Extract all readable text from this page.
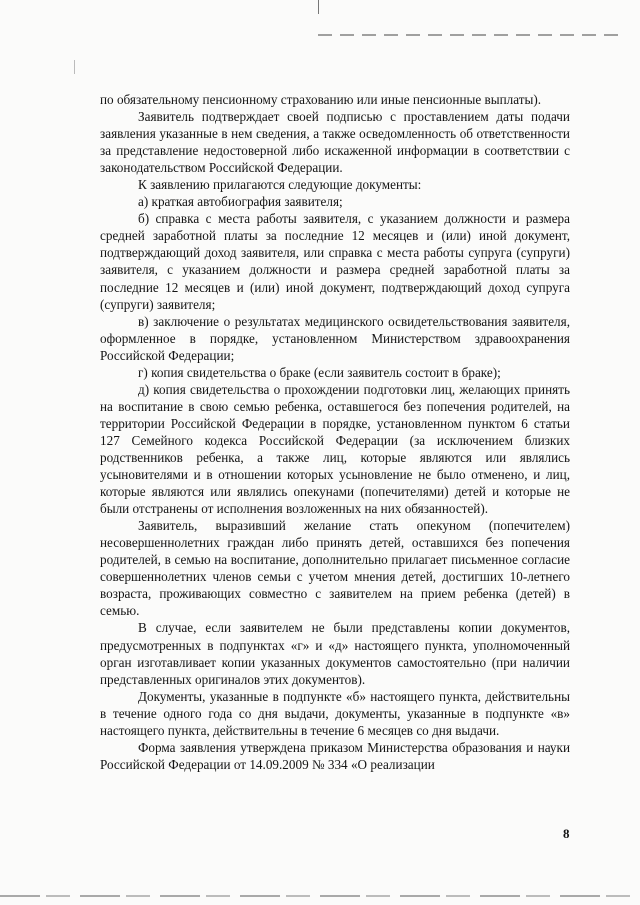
по обязательному пенсионному страхованию или иные пенсионные выплаты).

Заявитель подтверждает своей подписью с проставлением даты подачи заявления указанные в нем сведения, а также осведомленность об ответственности за представление недостоверной либо искаженной информации в соответствии с законодательством Российской Федерации.

К заявлению прилагаются следующие документы:

а) краткая автобиография заявителя;

б) справка с места работы заявителя, с указанием должности и размера средней заработной платы за последние 12 месяцев и (или) иной документ, подтверждающий доход заявителя, или справка с места работы супруга (супруги) заявителя, с указанием должности и размера средней заработной платы за последние 12 месяцев и (или) иной документ, подтверждающий доход супруга (супруги) заявителя;

в) заключение о результатах медицинского освидетельствования заявителя, оформленное в порядке, установленном Министерством здравоохранения Российской Федерации;

г) копия свидетельства о браке (если заявитель состоит в браке);

д) копия свидетельства о прохождении подготовки лиц, желающих принять на воспитание в свою семью ребенка, оставшегося без попечения родителей, на территории Российской Федерации в порядке, установленном пунктом 6 статьи 127 Семейного кодекса Российской Федерации (за исключением близких родственников ребенка, а также лиц, которые являются или являлись усыновителями и в отношении которых усыновление не было отменено, и лиц, которые являются или являлись опекунами (попечителями) детей и которые не были отстранены от исполнения возложенных на них обязанностей).

Заявитель, выразивший желание стать опекуном (попечителем) несовершеннолетних граждан либо принять детей, оставшихся без попечения родителей, в семью на воспитание, дополнительно прилагает письменное согласие совершеннолетних членов семьи с учетом мнения детей, достигших 10-летнего возраста, проживающих совместно с заявителем на прием ребенка (детей) в семью.

В случае, если заявителем не были представлены копии документов, предусмотренных в подпунктах «г» и «д» настоящего пункта, уполномоченный орган изготавливает копии указанных документов самостоятельно (при наличии представленных оригиналов этих документов).

Документы, указанные в подпункте «б» настоящего пункта, действительны в течение одного года со дня выдачи, документы, указанные в подпункте «в» настоящего пункта, действительны в течение 6 месяцев со дня выдачи.

Форма заявления утверждена приказом Министерства образования и науки Российской Федерации от 14.09.2009 № 334 «О реализации

8
